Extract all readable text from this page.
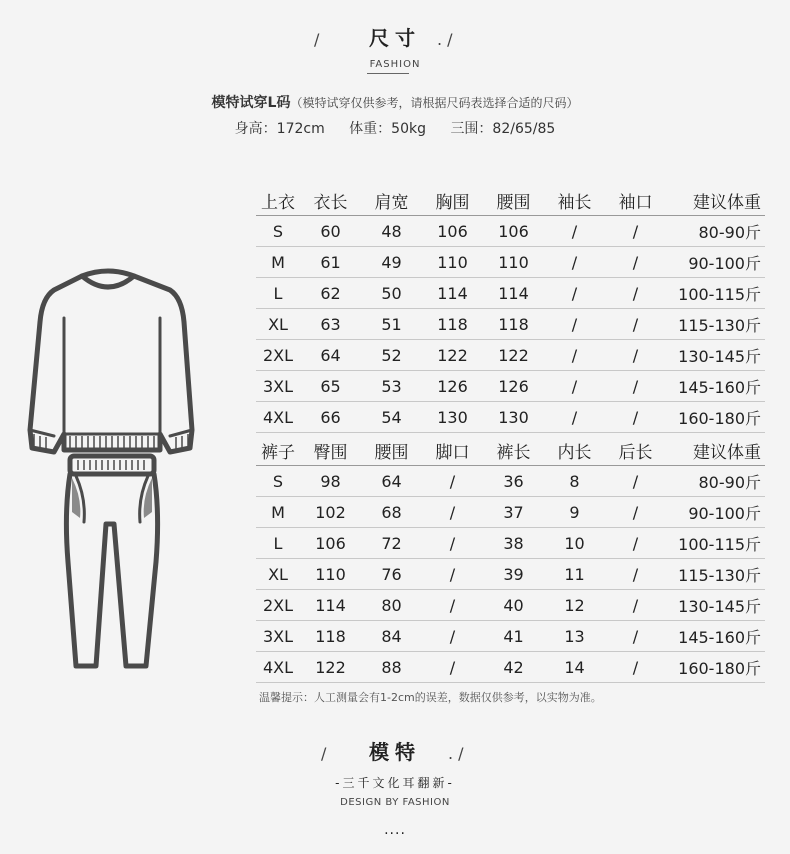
/	尺寸	. /
FASHION
模特试穿L码（模特试穿仅供参考，请根据尺码表选择合适的尺码）
身高：172cm 体重：50kg 三围：82/65/85
上衣	衣长	肩宽	胸围	腰围	袖长	袖口	建议体重
S	60	48	106	106	/	/	80-90斤
M	61	49	110	110	/	/	90-100斤
L	62	50	114	114	/	/	100-115斤
XL	63	51	118	118	/	/	115-130斤
2XL	64	52	122	122	/	/	130-145斤
3XL	65	53	126	126	/	/	145-160斤
4XL	66	54	130	130	/	/	160-180斤
裤子	臀围	腰围	脚口	裤长	内长	后长	建议体重
S	98	64	/	36	8	/	80-90斤
M	102	68	/	37	9	/	90-100斤
L	106	72	/	38	10	/	100-115斤
XL	110	76	/	39	11	/	115-130斤
2XL	114	80	/	40	12	/	130-145斤
3XL	118	84	/	41	13	/	145-160斤
4XL	122	88	/	42	14	/	160-180斤
温馨提示：人工测量会有1-2cm的误差，数据仅供参考，以实物为准。
/	模特	. /
-三千文化耳翻新-
DESIGN BY FASHION
....
